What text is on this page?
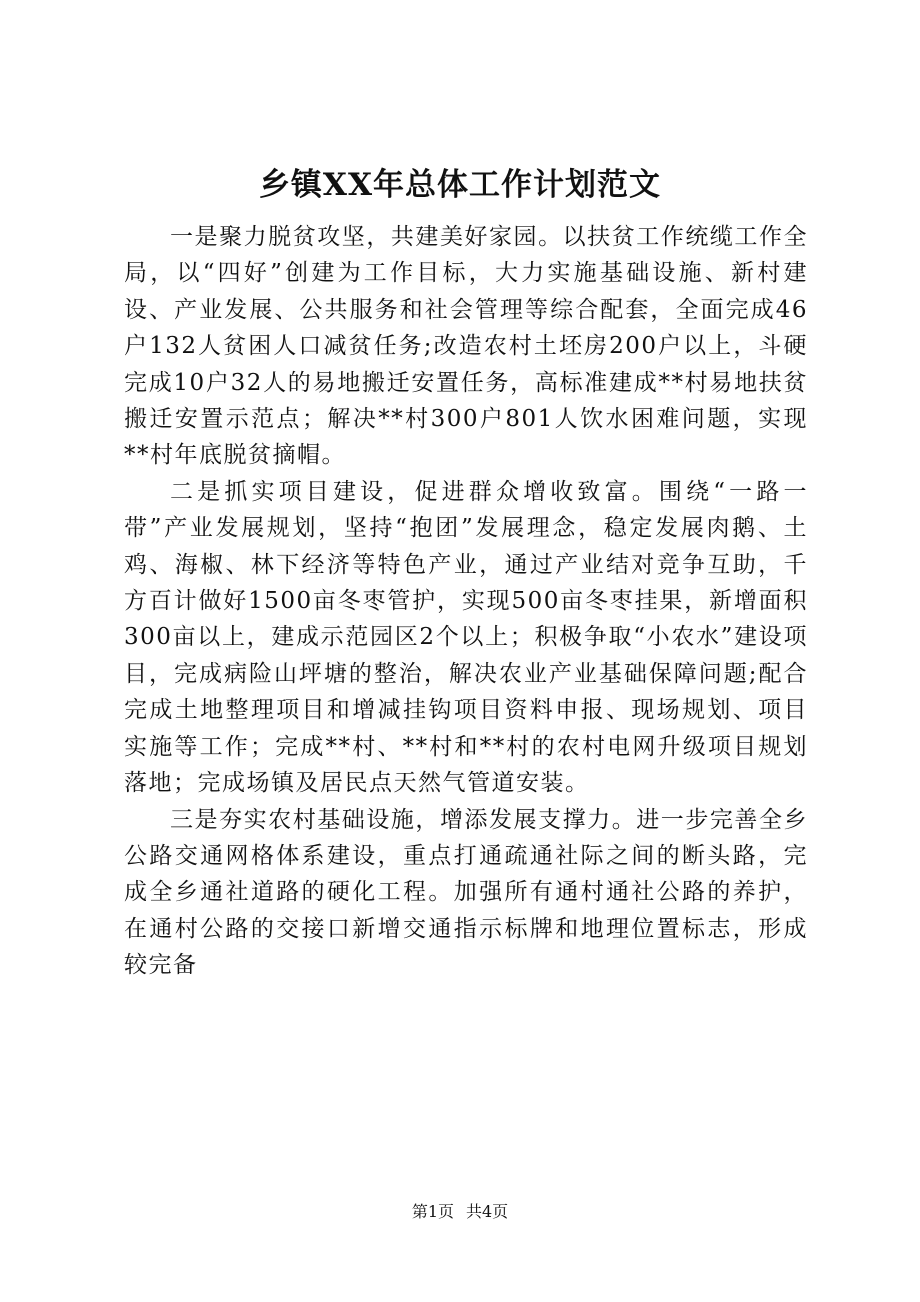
乡镇XX年总体工作计划范文

一是聚力脱贫攻坚，共建美好家园。以扶贫工作统缆工作全局，以“四好”创建为工作目标，大力实施基础设施、新村建设、产业发展、公共服务和社会管理等综合配套，全面完成46户132人贫困人口减贫任务;改造农村土坯房200户以上，斗硬完成10户32人的易地搬迁安置任务，高标准建成**村易地扶贫搬迁安置示范点；解决**村300户801人饮水困难问题，实现**村年底脱贫摘帽。

二是抓实项目建设，促进群众增收致富。围绕“一路一带”产业发展规划，坚持“抱团”发展理念，稳定发展肉鹅、土鸡、海椒、林下经济等特色产业，通过产业结对竞争互助，千方百计做好1500亩冬枣管护，实现500亩冬枣挂果，新增面积300亩以上，建成示范园区2个以上；积极争取“小农水”建设项目，完成病险山坪塘的整治，解决农业产业基础保障问题;配合完成土地整理项目和增减挂钩项目资料申报、现场规划、项目实施等工作；完成**村、**村和**村的农村电网升级项目规划落地；完成场镇及居民点天然气管道安装。

三是夯实农村基础设施，增添发展支撑力。进一步完善全乡公路交通网格体系建设，重点打通疏通社际之间的断头路，完成全乡通社道路的硬化工程。加强所有通村通社公路的养护，在通村公路的交接口新增交通指示标牌和地理位置标志，形成较完备

第1页 共4页
